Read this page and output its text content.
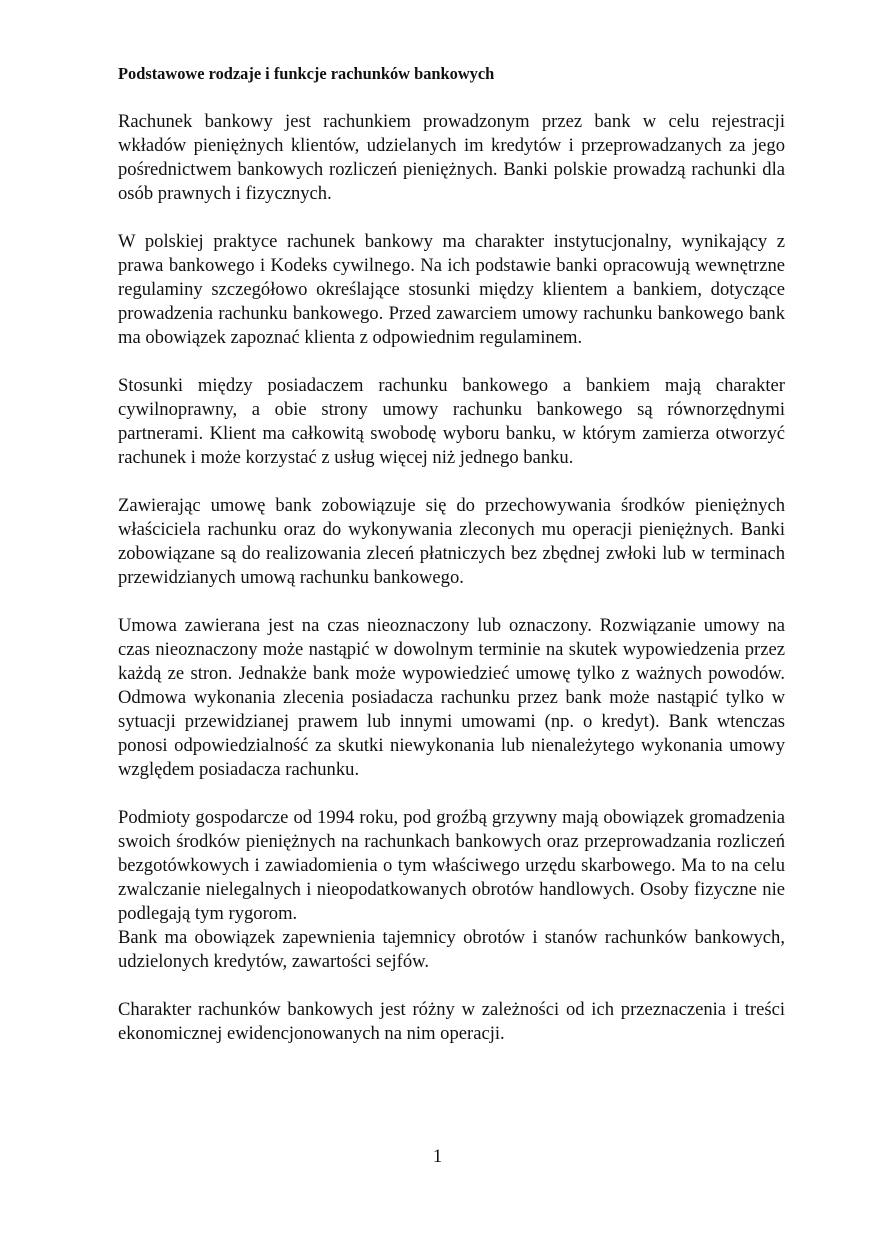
Podstawowe rodzaje i funkcje rachunków bankowych

Rachunek bankowy jest rachunkiem prowadzonym przez bank w celu rejestracji wkładów pieniężnych klientów, udzielanych im kredytów i przeprowadzanych za jego pośrednictwem bankowych rozliczeń pieniężnych. Banki polskie prowadzą rachunki dla osób prawnych i fizycznych.

W polskiej praktyce rachunek bankowy ma charakter instytucjonalny, wynikający z prawa bankowego i Kodeks cywilnego. Na ich podstawie banki opracowują wewnętrzne regulaminy szczegółowo określające stosunki między klientem a bankiem, dotyczące prowadzenia rachunku bankowego. Przed zawarciem umowy rachunku bankowego bank ma obowiązek zapoznać klienta z odpowiednim regulaminem.

Stosunki między posiadaczem rachunku bankowego a bankiem mają charakter cywilnoprawny, a obie strony umowy rachunku bankowego są równorzędnymi partnerami. Klient ma całkowitą swobodę wyboru banku, w którym zamierza otworzyć rachunek i może korzystać z usług więcej niż jednego banku.

Zawierając umowę bank zobowiązuje się do przechowywania środków pieniężnych właściciela rachunku oraz do wykonywania zleconych mu operacji pieniężnych. Banki zobowiązane są do realizowania zleceń płatniczych bez zbędnej zwłoki lub w terminach przewidzianych umową rachunku bankowego.

Umowa zawierana jest na czas nieoznaczony lub oznaczony. Rozwiązanie umowy na czas nieoznaczony może nastąpić w dowolnym terminie na skutek wypowiedzenia przez każdą ze stron. Jednakże bank może wypowiedzieć umowę tylko z ważnych powodów. Odmowa wykonania zlecenia posiadacza rachunku przez bank może nastąpić tylko w sytuacji przewidzianej prawem lub innymi umowami (np. o kredyt). Bank wtenczas ponosi odpowiedzialność za skutki niewykonania lub nienależytego wykonania umowy względem posiadacza rachunku.

Podmioty gospodarcze od 1994 roku, pod groźbą grzywny mają obowiązek gromadzenia swoich środków pieniężnych na rachunkach bankowych oraz przeprowadzania rozliczeń bezgotówkowych i zawiadomienia o tym właściwego urzędu skarbowego. Ma to na celu zwalczanie nielegalnych i nieopodatkowanych obrotów handlowych. Osoby fizyczne nie podlegają tym rygorom.

Bank ma obowiązek zapewnienia tajemnicy obrotów i stanów rachunków bankowych, udzielonych kredytów, zawartości sejfów.

Charakter rachunków bankowych jest różny w zależności od ich przeznaczenia i treści ekonomicznej ewidencjonowanych na nim operacji.

1
